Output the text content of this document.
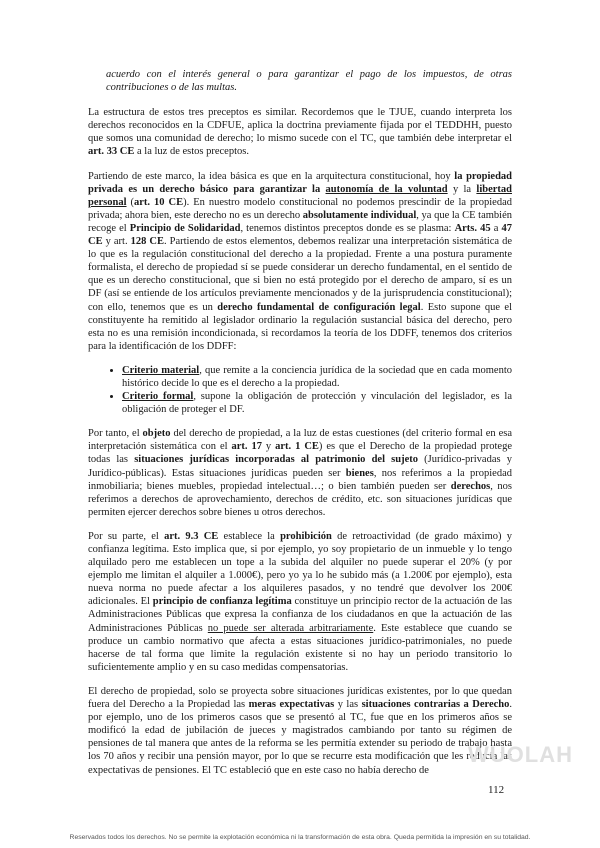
acuerdo con el interés general o para garantizar el pago de los impuestos, de otras contribuciones o de las multas.

La estructura de estos tres preceptos es similar. Recordemos que le TJUE, cuando interpreta los derechos reconocidos en la CDFUE, aplica la doctrina previamente fijada por el TEDDHH, puesto que somos una comunidad de derecho; lo mismo sucede con el TC, que también debe interpretar el art. 33 CE a la luz de estos preceptos.

Partiendo de este marco, la idea básica es que en la arquitectura constitucional, hoy la propiedad privada es un derecho básico para garantizar la autonomía de la voluntad y la libertad personal (art. 10 CE). En nuestro modelo constitucional no podemos prescindir de la propiedad privada; ahora bien, este derecho no es un derecho absolutamente individual, ya que la CE también recoge el Principio de Solidaridad, tenemos distintos preceptos donde es se plasma: Arts. 45 a 47 CE y art. 128 CE. Partiendo de estos elementos, debemos realizar una interpretación sistemática de lo que es la regulación constitucional del derecho a la propiedad. Frente a una postura puramente formalista, el derecho de propiedad sí se puede considerar un derecho fundamental, en el sentido de que es un derecho constitucional, que si bien no está protegido por el derecho de amparo, sí es un DF (así se entiende de los artículos previamente mencionados y de la jurisprudencia constitucional); con ello, tenemos que es un derecho fundamental de configuración legal. Esto supone que el constituyente ha remitido al legislador ordinario la regulación sustancial básica del derecho, pero esta no es una remisión incondicionada, si recordamos la teoría de los DDFF, tenemos dos criterios para la identificación de los DDFF:

• Criterio material, que remite a la conciencia jurídica de la sociedad que en cada momento histórico decide lo que es el derecho a la propiedad.
• Criterio formal, supone la obligación de protección y vinculación del legislador, es la obligación de proteger el DF.

Por tanto, el objeto del derecho de propiedad, a la luz de estas cuestiones (del criterio formal en esa interpretación sistemática con el art. 17 y art. 1 CE) es que el Derecho de la propiedad protege todas las situaciones jurídicas incorporadas al patrimonio del sujeto (Jurídico-privadas y Jurídico-públicas). Estas situaciones jurídicas pueden ser bienes, nos referimos a la propiedad inmobiliaria; bienes muebles, propiedad intelectual…; o bien también pueden ser derechos, nos referimos a derechos de aprovechamiento, derechos de crédito, etc. son situaciones jurídicas que permiten ejercer derechos sobre bienes u otros derechos.

Por su parte, el art. 9.3 CE establece la prohibición de retroactividad (de grado máximo) y confianza legítima. Esto implica que, si por ejemplo, yo soy propietario de un inmueble y lo tengo alquilado pero me establecen un tope a la subida del alquiler no puede superar el 20% (y por ejemplo me limitan el alquiler a 1.000€), pero yo ya lo he subido más (a 1.200€ por ejemplo), esta nueva norma no puede afectar a los alquileres pasados, y no tendré que devolver los 200€ adicionales. El principio de confianza legítima constituye un principio rector de la actuación de las Administraciones Públicas que expresa la confianza de los ciudadanos en que la actuación de las Administraciones Públicas no puede ser alterada arbitrariamente. Este establece que cuando se produce un cambio normativo que afecta a estas situaciones jurídico-patrimoniales, no puede hacerse de tal forma que limite la regulación existente si no hay un periodo transitorio lo suficientemente amplio y en su caso medidas compensatorias.

El derecho de propiedad, solo se proyecta sobre situaciones jurídicas existentes, por lo que quedan fuera del Derecho a la Propiedad las meras expectativas y las situaciones contrarias a Derecho. por ejemplo, uno de los primeros casos que se presentó al TC, fue que en los primeros años se modificó la edad de jubilación de jueces y magistrados cambiando por tanto su régimen de pensiones de tal manera que antes de la reforma se les permitía extender su periodo de trabajo hasta los 70 años y recibir una pensión mayor, por lo que se recurre esta modificación que les reducía las expectativas de pensiones. El TC estableció que en este caso no había derecho de

WUOLAH
112
Reservados todos los derechos. No se permite la explotación económica ni la transformación de esta obra. Queda permitida la impresión en su totalidad.
